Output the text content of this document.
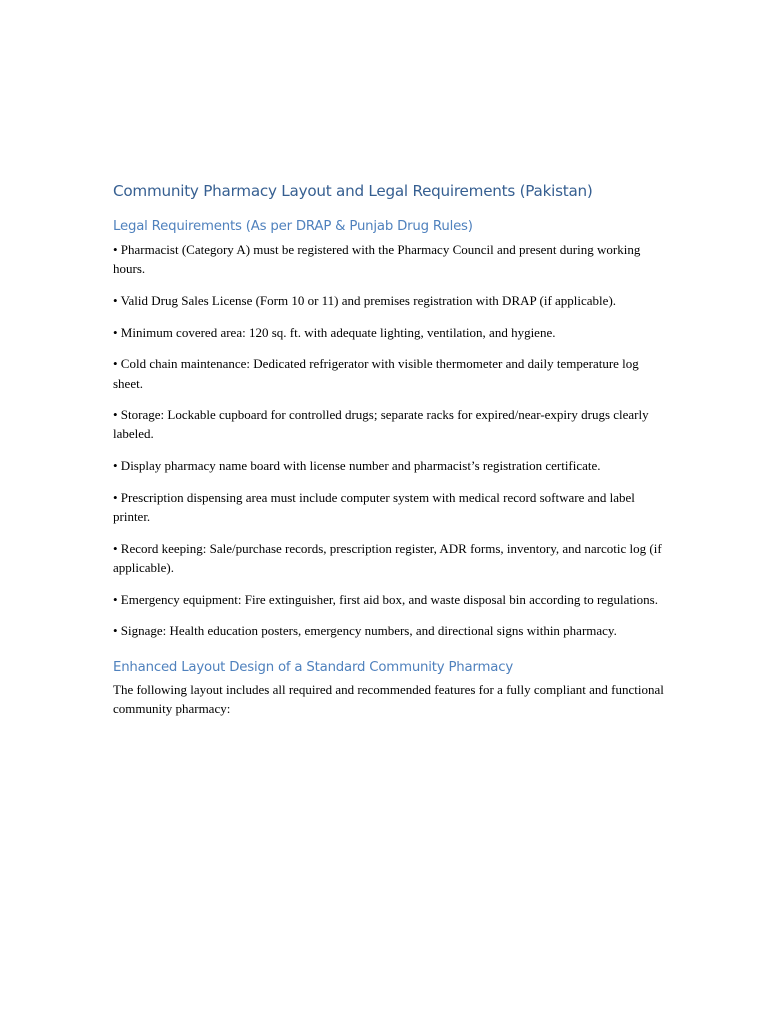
Community Pharmacy Layout and Legal Requirements (Pakistan)
Legal Requirements (As per DRAP & Punjab Drug Rules)

• Pharmacist (Category A) must be registered with the Pharmacy Council and present during working hours.

• Valid Drug Sales License (Form 10 or 11) and premises registration with DRAP (if applicable).

• Minimum covered area: 120 sq. ft. with adequate lighting, ventilation, and hygiene.

• Cold chain maintenance: Dedicated refrigerator with visible thermometer and daily temperature log sheet.

• Storage: Lockable cupboard for controlled drugs; separate racks for expired/near-expiry drugs clearly labeled.

• Display pharmacy name board with license number and pharmacist’s registration certificate.

• Prescription dispensing area must include computer system with medical record software and label printer.

• Record keeping: Sale/purchase records, prescription register, ADR forms, inventory, and narcotic log (if applicable).

• Emergency equipment: Fire extinguisher, first aid box, and waste disposal bin according to regulations.

• Signage: Health education posters, emergency numbers, and directional signs within pharmacy.

Enhanced Layout Design of a Standard Community Pharmacy

The following layout includes all required and recommended features for a fully compliant and functional community pharmacy:
